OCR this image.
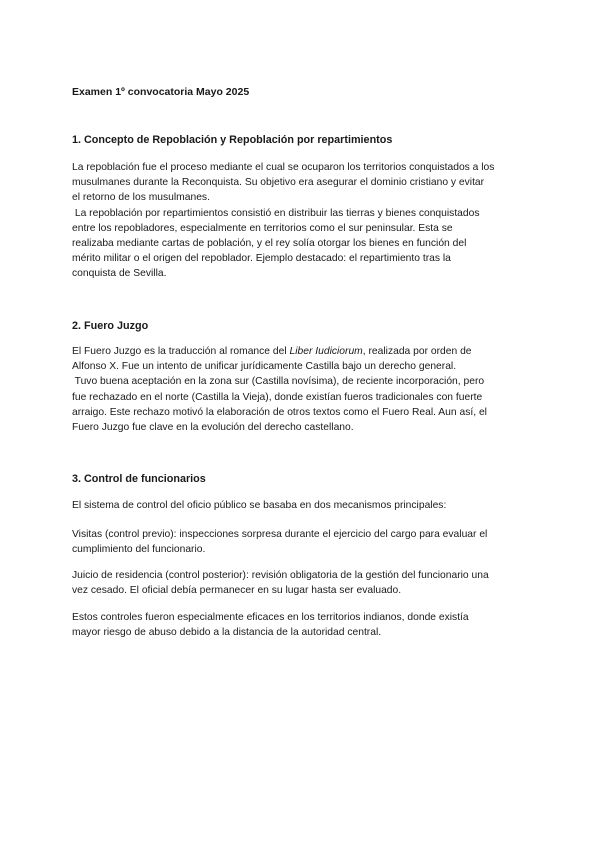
Examen 1º convocatoria Mayo 2025
1. Concepto de Repoblación y Repoblación por repartimientos
La repoblación fue el proceso mediante el cual se ocuparon los territorios conquistados a los
musulmanes durante la Reconquista. Su objetivo era asegurar el dominio cristiano y evitar
el retorno de los musulmanes.
La repoblación por repartimientos consistió en distribuir las tierras y bienes conquistados
entre los repobladores, especialmente en territorios como el sur peninsular. Esta se
realizaba mediante cartas de población, y el rey solía otorgar los bienes en función del
mérito militar o el origen del repoblador. Ejemplo destacado: el repartimiento tras la
conquista de Sevilla.
2. Fuero Juzgo
El Fuero Juzgo es la traducción al romance del Liber Iudiciorum, realizada por orden de
Alfonso X. Fue un intento de unificar jurídicamente Castilla bajo un derecho general.
Tuvo buena aceptación en la zona sur (Castilla novísima), de reciente incorporación, pero
fue rechazado en el norte (Castilla la Vieja), donde existían fueros tradicionales con fuerte
arraigo. Este rechazo motivó la elaboración de otros textos como el Fuero Real. Aun así, el
Fuero Juzgo fue clave en la evolución del derecho castellano.
3. Control de funcionarios
El sistema de control del oficio público se basaba en dos mecanismos principales:
Visitas (control previo): inspecciones sorpresa durante el ejercicio del cargo para evaluar el
cumplimiento del funcionario.
Juicio de residencia (control posterior): revisión obligatoria de la gestión del funcionario una
vez cesado. El oficial debía permanecer en su lugar hasta ser evaluado.
Estos controles fueron especialmente eficaces en los territorios indianos, donde existía
mayor riesgo de abuso debido a la distancia de la autoridad central.
